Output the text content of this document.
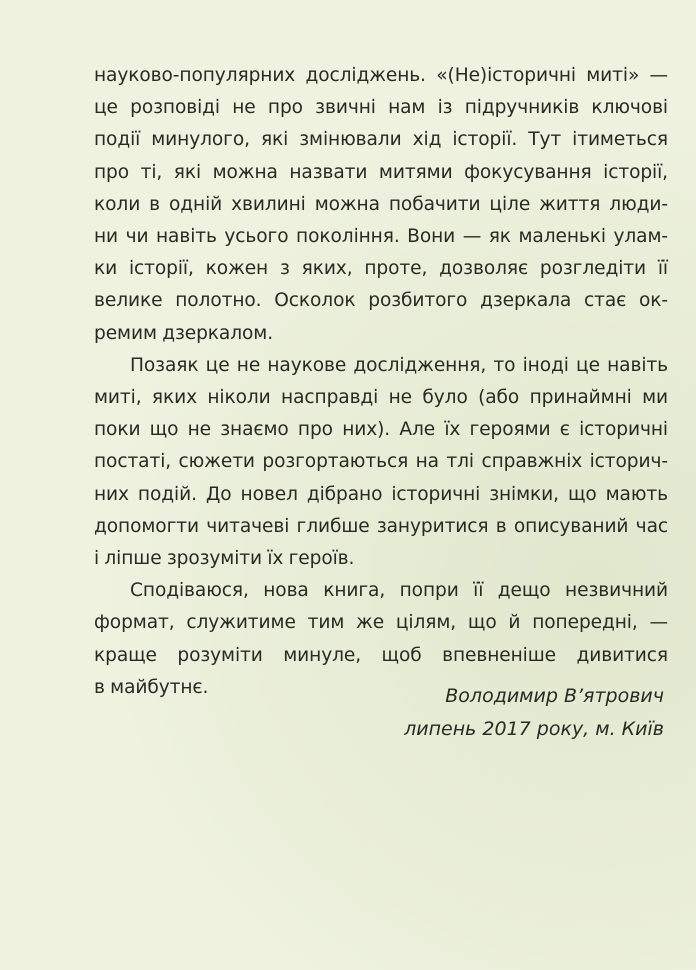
науково-популярних досліджень. «(Не)історичні миті» —

це розповіді не про звичні нам із підручників ключові

події минулого, які змінювали хід історії. Тут ітиметься

про ті, які можна назвати митями фокусування історії,

коли в одній хвилині можна побачити ціле життя люди-

ни чи навіть усього покоління. Вони — як маленькі улам-

ки історії, кожен з яких, проте, дозволяє розгледіти її

велике полотно. Осколок розбитого дзеркала стає ок-

ремим дзеркалом.

Позаяк це не наукове дослідження, то іноді це навіть

миті, яких ніколи насправді не було (або принаймні ми

поки що не знаємо про них). Але їх героями є історичні

постаті, сюжети розгортаються на тлі справжніх історич-

них подій. До новел дібрано історичні знімки, що мають

допомогти читачеві глибше зануритися в описуваний час

і ліпше зрозуміти їх героїв.

Сподіваюся, нова книга, попри її дещо незвичний

формат, служитиме тим же цілям, що й попередні, —

краще розуміти минуле, щоб впевненіше дивитися

в майбутнє.	Володимир В’ятрович
липень 2017 року, м. Київ
